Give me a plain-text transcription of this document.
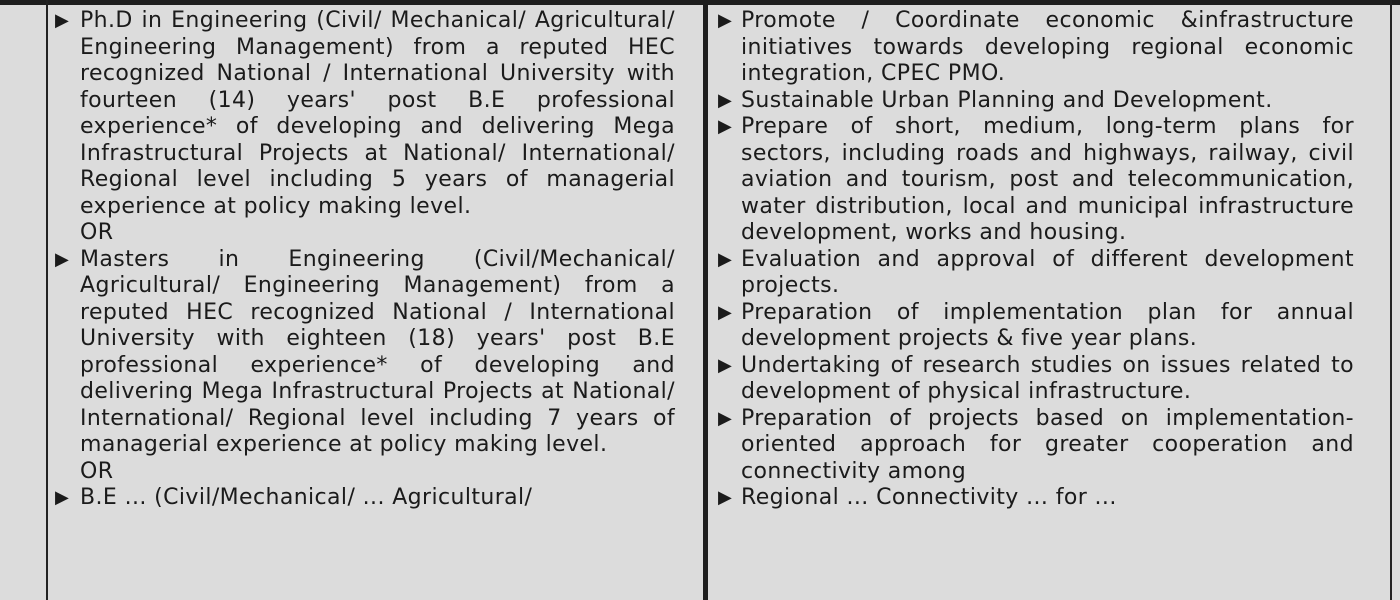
▶ Ph.D in Engineering (Civil/ Mechanical/ Agricultural/ Engineering Management) from a reputed HEC recognized National / International University with fourteen (14) years' post B.E professional experience* of developing and delivering Mega Infrastructural Projects at National/ International/ Regional level including 5 years of managerial experience at policy making level.

OR

▶ Masters in Engineering (Civil/Mechanical/ Agricultural/ Engineering Management) from a reputed HEC recognized National / International University with eighteen (18) years' post B.E professional experience* of developing and delivering Mega Infrastructural Projects at National/ International/ Regional level including 7 years of managerial experience at policy making level.

OR

▶ B.E ... (Civil/Mechanical/ ... Agricultural/

▶ Promote / Coordinate economic &infrastructure initiatives towards developing regional economic integration, CPEC PMO.

▶ Sustainable Urban Planning and Development.

▶ Prepare of short, medium, long-term plans for sectors, including roads and highways, railway, civil aviation and tourism, post and telecommunication, water distribution, local and municipal infrastructure development, works and housing.

▶ Evaluation and approval of different development projects.

▶ Preparation of implementation plan for annual development projects & five year plans.

▶ Undertaking of research studies on issues related to development of physical infrastructure.

▶ Preparation of projects based on implementation-oriented approach for greater cooperation and connectivity among

▶ Regional ... Connectivity ... for ...
